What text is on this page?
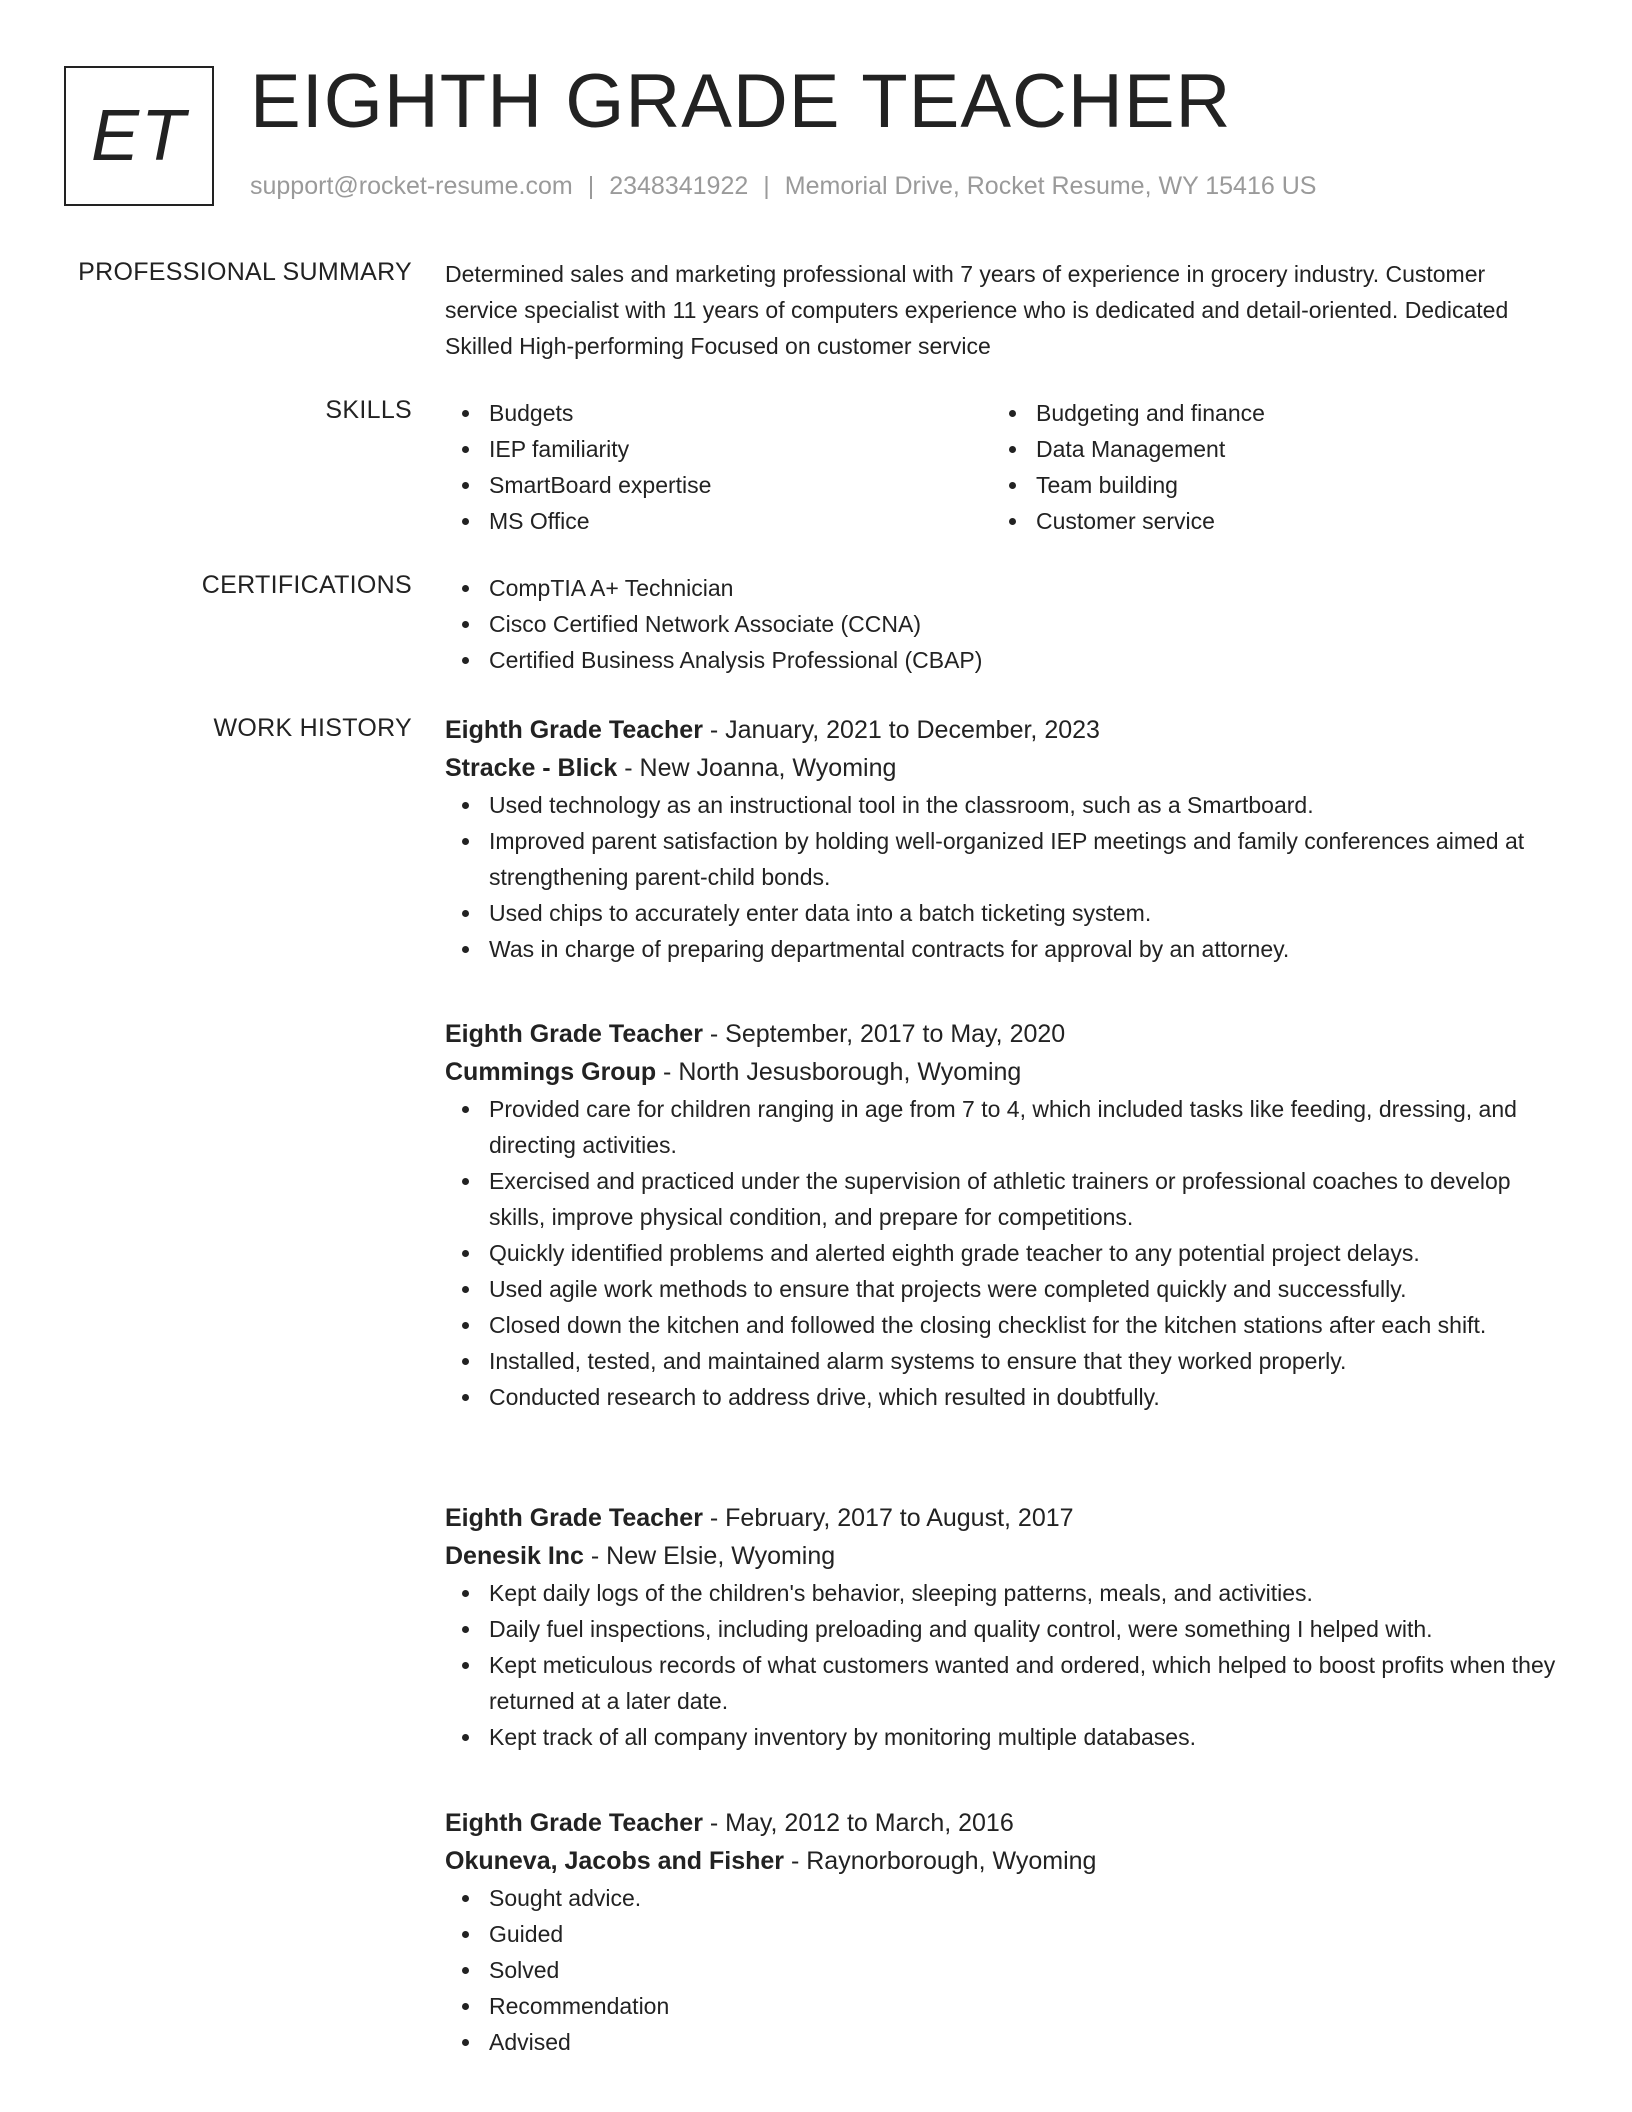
ET EIGHTH GRADE TEACHER
support@rocket-resume.com | 2348341922 | Memorial Drive, Rocket Resume, WY 15416 US
PROFESSIONAL SUMMARY Determined sales and marketing professional with 7 years of experience in grocery industry. Customer service specialist with 11 years of computers experience who is dedicated and detail-oriented. Dedicated Skilled High-performing Focused on customer service

SKILLS	Budgets
IEP familiarity
SmartBoard expertise
MS Office
Budgeting and finance
Data Management
Team building
Customer service
CERTIFICATIONS	CompTIA A+ Technician
Cisco Certified Network Associate (CCNA)
Certified Business Analysis Professional (CBAP)
WORK HISTORY Eighth Grade Teacher - January, 2021 to December, 2023
Stracke - Blick - New Joanna, Wyoming
Used technology as an instructional tool in the classroom, such as a Smartboard.
Improved parent satisfaction by holding well-organized IEP meetings and family conferences aimed at strengthening parent-child bonds.
Used chips to accurately enter data into a batch ticketing system.
Was in charge of preparing departmental contracts for approval by an attorney.
Eighth Grade Teacher - September, 2017 to May, 2020
Cummings Group - North Jesusborough, Wyoming
Provided care for children ranging in age from 7 to 4, which included tasks like feeding, dressing, and directing activities.
Exercised and practiced under the supervision of athletic trainers or professional coaches to develop skills, improve physical condition, and prepare for competitions.
Quickly identified problems and alerted eighth grade teacher to any potential project delays.
Used agile work methods to ensure that projects were completed quickly and successfully.
Closed down the kitchen and followed the closing checklist for the kitchen stations after each shift.
Installed, tested, and maintained alarm systems to ensure that they worked properly.
Conducted research to address drive, which resulted in doubtfully.
Eighth Grade Teacher - February, 2017 to August, 2017
Denesik Inc - New Elsie, Wyoming
Kept daily logs of the children's behavior, sleeping patterns, meals, and activities.
Daily fuel inspections, including preloading and quality control, were something I helped with.
Kept meticulous records of what customers wanted and ordered, which helped to boost profits when they returned at a later date.
Kept track of all company inventory by monitoring multiple databases.
Eighth Grade Teacher - May, 2012 to March, 2016
Okuneva, Jacobs and Fisher - Raynorborough, Wyoming
Sought advice.
Guided
Solved
Recommendation
Advised
